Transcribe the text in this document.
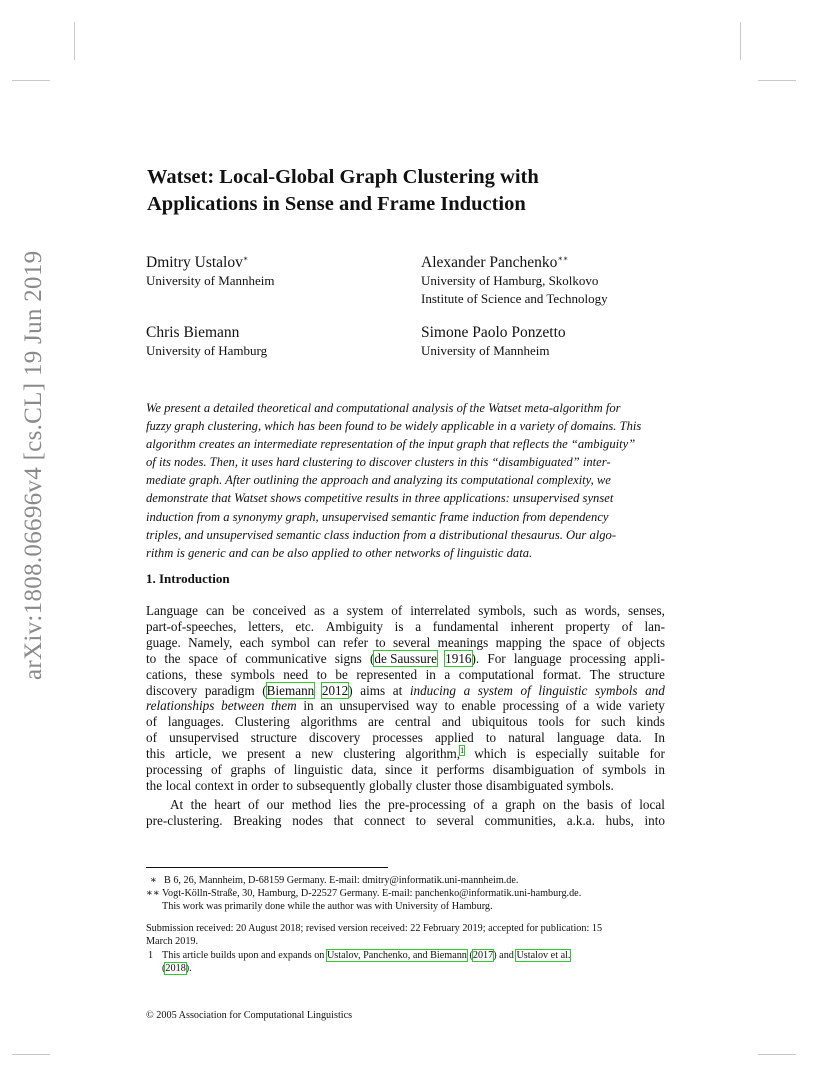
arXiv:1808.06696v4 [cs.CL] 19 Jun 2019
Watset: Local-Global Graph Clustering with
Applications in Sense and Frame Induction
Dmitry Ustalov∗
University of Mannheim
Alexander Panchenko∗∗
University of Hamburg, Skolkovo
Institute of Science and Technology
Chris Biemann
University of Hamburg
Simone Paolo Ponzetto
University of Mannheim
We present a detailed theoretical and computational analysis of the Watset meta-algorithm for
fuzzy graph clustering, which has been found to be widely applicable in a variety of domains. This
algorithm creates an intermediate representation of the input graph that reflects the “ambiguity”
of its nodes. Then, it uses hard clustering to discover clusters in this “disambiguated” inter-
mediate graph. After outlining the approach and analyzing its computational complexity, we
demonstrate that Watset shows competitive results in three applications: unsupervised synset
induction from a synonymy graph, unsupervised semantic frame induction from dependency
triples, and unsupervised semantic class induction from a distributional thesaurus. Our algo-
rithm is generic and can be also applied to other networks of linguistic data.
1. Introduction
Language can be conceived as a system of interrelated symbols, such as words, senses,
part-of-speeches, letters, etc. Ambiguity is a fundamental inherent property of lan-
guage. Namely, each symbol can refer to several meanings mapping the space of objects
to the space of communicative signs (de Saussure 1916). For language processing appli-
cations, these symbols need to be represented in a computational format. The structure
discovery paradigm (Biemann 2012) aims at inducing a system of linguistic symbols and
relationships between them in an unsupervised way to enable processing of a wide variety
of languages. Clustering algorithms are central and ubiquitous tools for such kinds
of unsupervised structure discovery processes applied to natural language data. In
this article, we present a new clustering algorithm,$^1$ which is especially suitable for
processing of graphs of linguistic data, since it performs disambiguation of symbols in
the local context in order to subsequently globally cluster those disambiguated symbols.
At the heart of our method lies the pre-processing of a graph on the basis of local
pre-clustering. Breaking nodes that connect to several communities, a.k.a. hubs, into
∗ B 6, 26, Mannheim, D-68159 Germany. E-mail: dmitry@informatik.uni-mannheim.de.
∗∗ Vogt-Kölln-Straße, 30, Hamburg, D-22527 Germany. E-mail: panchenko@informatik.uni-hamburg.de.
This work was primarily done while the author was with University of Hamburg.
Submission received: 20 August 2018; revised version received: 22 February 2019; accepted for publication: 15
March 2019.
1 This article builds upon and expands on Ustalov, Panchenko, and Biemann (2017) and Ustalov et al.
(2018).
© 2005 Association for Computational Linguistics
